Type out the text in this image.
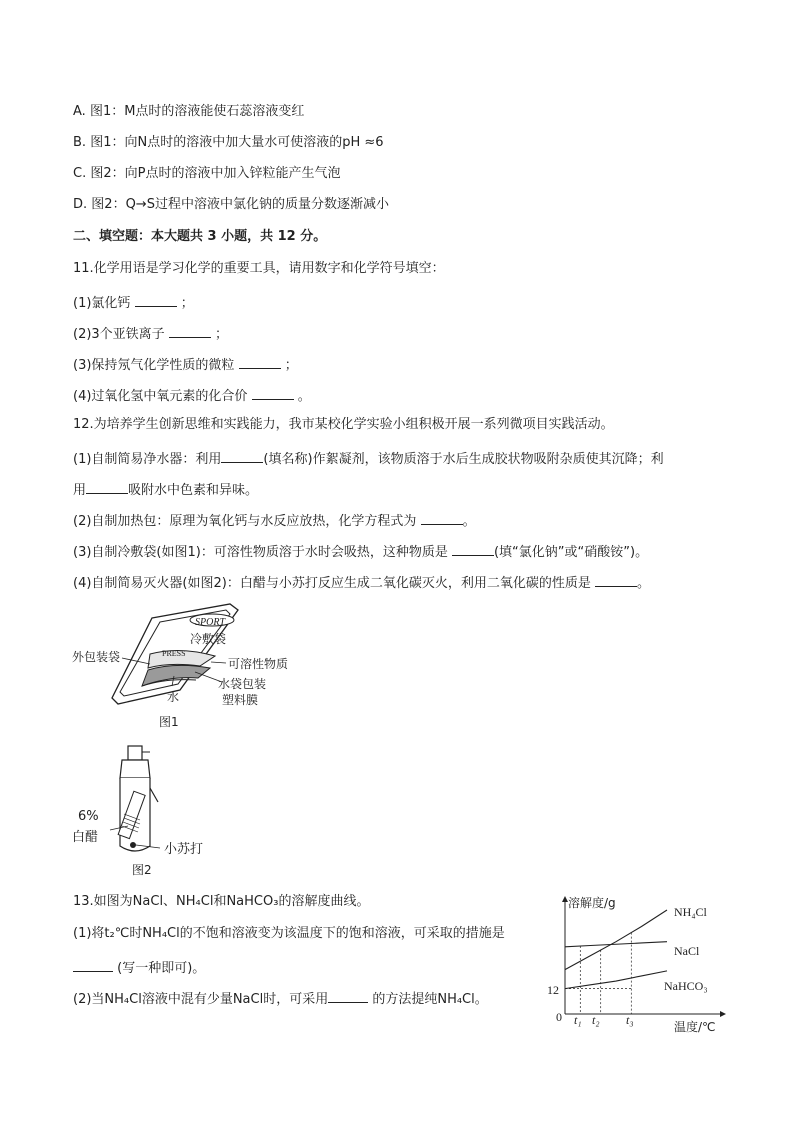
A. 图1：M点时的溶液能使石蕊溶液变红
B. 图1：向N点时的溶液中加大量水可使溶液的pH ≈6
C. 图2：向P点时的溶液中加入锌粒能产生气泡
D. 图2：Q→S过程中溶液中氯化钠的质量分数逐渐减小
二、填空题：本大题共 3 小题，共 12 分。
11.化学用语是学习化学的重要工具，请用数字和化学符号填空：
(1)氯化钙	；
(2)3个亚铁离子	；
(3)保持氖气化学性质的微粒	；
(4)过氧化氢中氧元素的化合价	。
12.为培养学生创新思维和实践能力，我市某校化学实验小组积极开展一系列微项目实践活动。
(1)自制简易净水器：利用	(填名称)作絮凝剂，该物质溶于水后生成胶状物吸附杂质使其沉降；利
用	吸附水中色素和异味。
(2)自制加热包：原理为氧化钙与水反应放热，化学方程式为	。
(3)自制冷敷袋(如图1)：可溶性物质溶于水时会吸热，这种物质是	(填“氯化钠”或“硝酸铵”)。
(4)自制简易灭火器(如图2)：白醋与小苏打反应生成二氧化碳灭火，利用二氧化碳的性质是	。
SPORT
冷敷袋
PRESS
外包装袋	可溶性物质
水袋包装
塑料膜
水
图1
6%
白醋
小苏打
图2
13.如图为NaCl、NH₄Cl和NaHCO₃的溶解度曲线。
(1)将t₂℃时NH₄Cl的不饱和溶液变为该温度下的饱和溶液，可采取的措施是
(写一种即可)。
(2)当NH₄Cl溶液中混有少量NaCl时，可采用	的方法提纯NH₄Cl。
溶解度/g
温度/℃
0
12
t₁ t₂ t₃
NH₄Cl
NaCl
NaHCO₃
